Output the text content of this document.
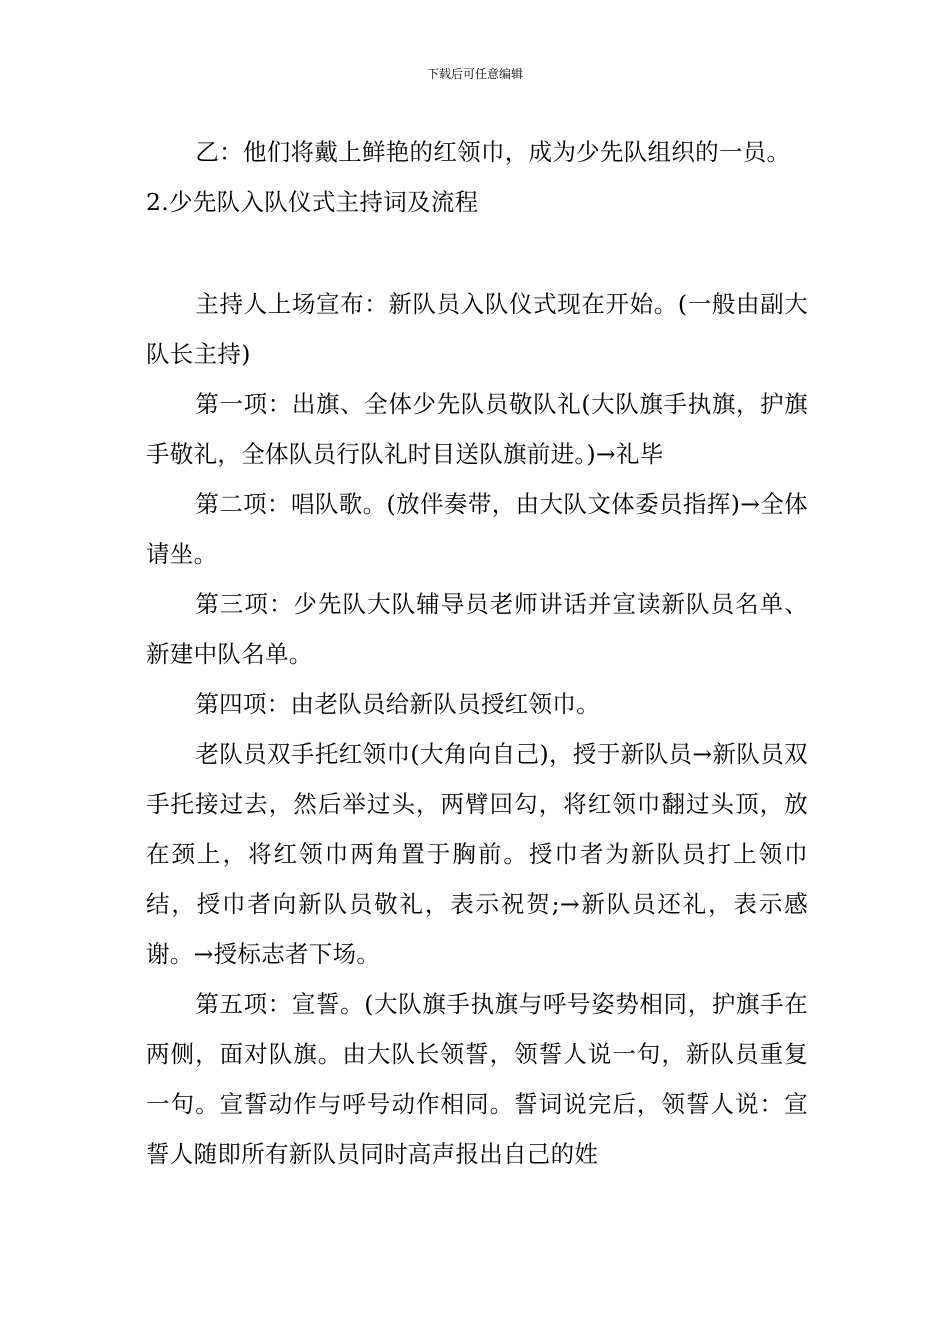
下载后可任意编辑

乙：他们将戴上鲜艳的红领巾，成为少先队组织的一员。

2.少先队入队仪式主持词及流程

主持人上场宣布：新队员入队仪式现在开始。(一般由副大队长主持)

第一项：出旗、全体少先队员敬队礼(大队旗手执旗，护旗手敬礼，全体队员行队礼时目送队旗前进。)→礼毕

第二项：唱队歌。(放伴奏带，由大队文体委员指挥)→全体请坐。

第三项：少先队大队辅导员老师讲话并宣读新队员名单、新建中队名单。

第四项：由老队员给新队员授红领巾。

老队员双手托红领巾(大角向自己)，授于新队员→新队员双手托接过去，然后举过头，两臂回勾，将红领巾翻过头顶，放在颈上，将红领巾两角置于胸前。授巾者为新队员打上领巾结，授巾者向新队员敬礼，表示祝贺;→新队员还礼，表示感谢。→授标志者下场。

第五项：宣誓。(大队旗手执旗与呼号姿势相同，护旗手在两侧，面对队旗。由大队长领誓，领誓人说一句，新队员重复一句。宣誓动作与呼号动作相同。誓词说完后，领誓人说：宣誓人随即所有新队员同时高声报出自己的姓
